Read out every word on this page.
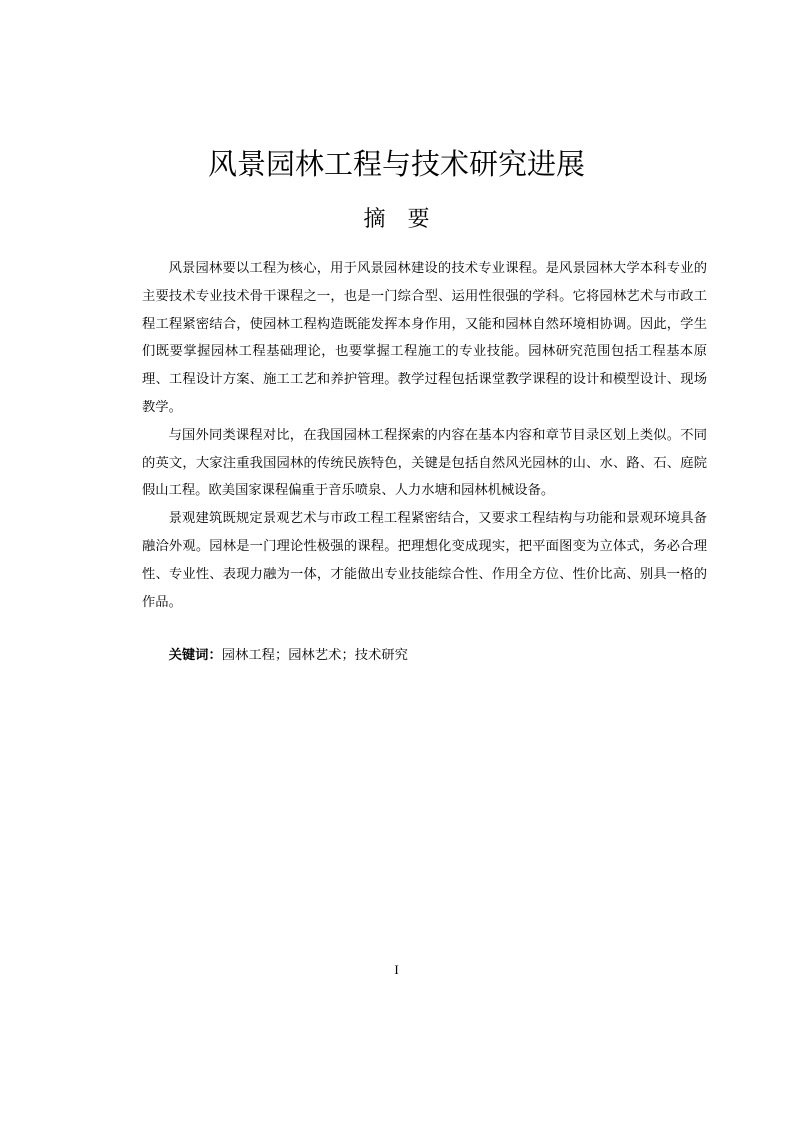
风景园林工程与技术研究进展
摘　要

风景园林要以工程为核心，用于风景园林建设的技术专业课程。是风景园林大学本科专业的主要技术专业技术骨干课程之一，也是一门综合型、运用性很强的学科。它将园林艺术与市政工程工程紧密结合，使园林工程构造既能发挥本身作用，又能和园林自然环境相协调。因此，学生们既要掌握园林工程基础理论，也要掌握工程施工的专业技能。园林研究范围包括工程基本原理、工程设计方案、施工工艺和养护管理。教学过程包括课堂教学课程的设计和模型设计、现场教学。

与国外同类课程对比，在我国园林工程探索的内容在基本内容和章节目录区划上类似。不同的英文，大家注重我国园林的传统民族特色，关键是包括自然风光园林的山、水、路、石、庭院假山工程。欧美国家课程偏重于音乐喷泉、人力水塘和园林机械设备。

景观建筑既规定景观艺术与市政工程工程紧密结合，又要求工程结构与功能和景观环境具备融洽外观。园林是一门理论性极强的课程。把理想化变成现实，把平面图变为立体式，务必合理性、专业性、表现力融为一体，才能做出专业技能综合性、作用全方位、性价比高、别具一格的作品。

关键词：园林工程；园林艺术；技术研究
I
